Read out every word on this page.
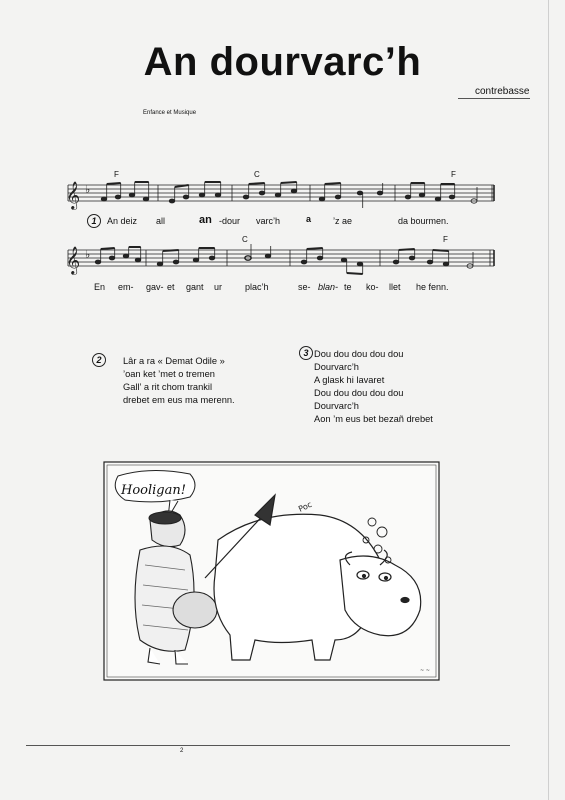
An dourvarc’h
contrebasse
Enfance et Musique
𝄞 ♭
𝄞 ♭
F	C	F
1	An deiz all	an -dour varc’h	a ’z ae	da bourmen.
C	F
En em- gav- et gant ur	plac’h	se- blan- te ko- llet he fenn.
2	Lâr a ra « Demat Odile »
’oan ket ’met o tremen
Gall’ a rit chom trankil
drebet em eus ma merenn.
3 Dou dou dou dou dou
Dourvarc’h
A glask hi lavaret
Dou dou dou dou dou
Dourvarc’h
Aon ’m eus bet bezañ drebet
Hooligan!
Poc
~ ~
2
